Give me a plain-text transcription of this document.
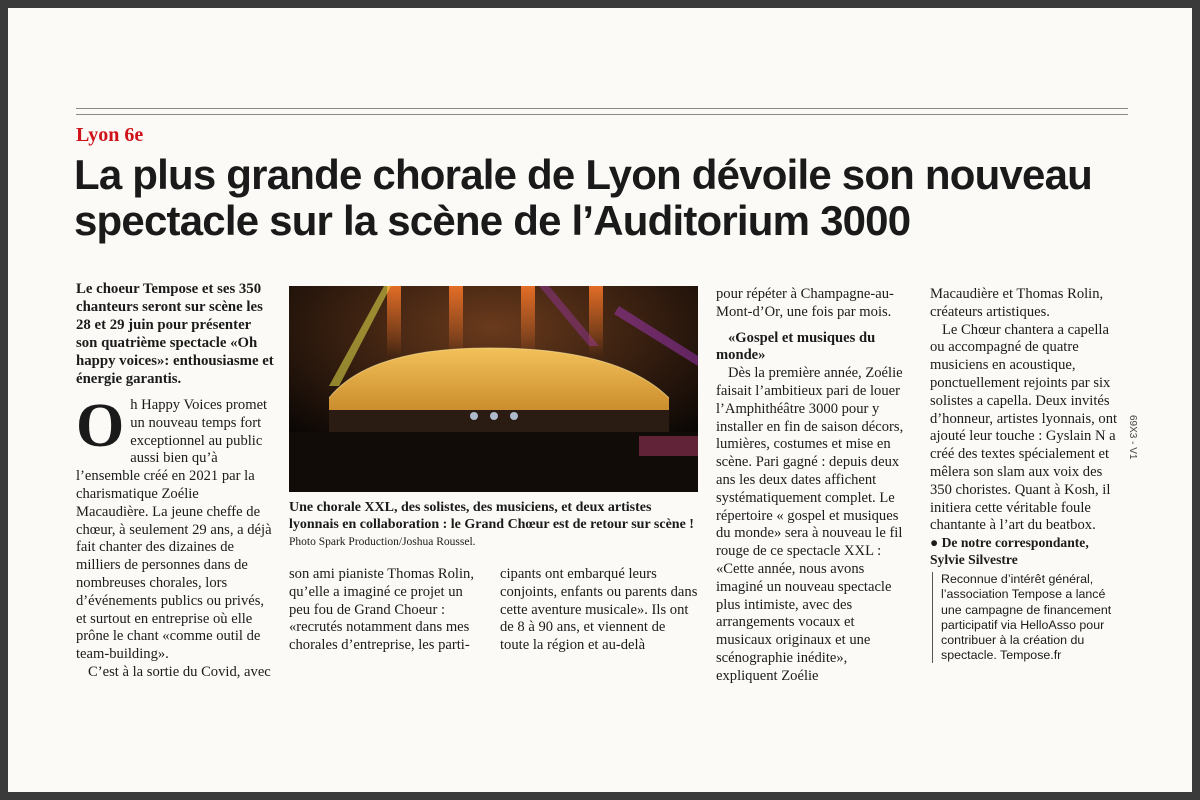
Lyon 6e
La plus grande chorale de Lyon dévoile son nouveau spectacle sur la scène de l’Auditorium 3000
Le choeur Tempose et ses 350 chanteurs seront sur scène les 28 et 29 juin pour présenter son quatrième spectacle «Oh happy voices»: enthousiasme et énergie garantis.

Oh Happy Voices promet un nouveau temps fort exceptionnel au public aussi bien qu’à l’ensemble créé en 2021 par la charismatique Zoélie Macaudière. La jeune cheffe de chœur, à seulement 29 ans, a déjà fait chanter des dizaines de milliers de personnes dans de nombreuses chorales, lors d’événements publics ou privés, et surtout en entreprise où elle prône le chant «comme outil de team-building».

C’est à la sortie du Covid, avec

Une chorale XXL, des solistes, des musiciens, et deux artistes lyonnais en collaboration : le Grand Chœur est de retour sur scène ! Photo Spark Production/Joshua Roussel.
son ami pianiste Thomas Rolin, qu’elle a imaginé ce projet un peu fou de Grand Choeur : «recrutés notamment dans mes chorales d’entreprise, les parti-
cipants ont embarqué leurs conjoints, enfants ou parents dans cette aventure musicale». Ils ont de 8 à 90 ans, et viennent de toute la région et au-delà

pour répéter à Champagne-au-Mont-d’Or, une fois par mois.

«Gospel et musiques du monde»

Dès la première année, Zoélie faisait l’ambitieux pari de louer l’Amphithéâtre 3000 pour y installer en fin de saison décors, lumières, costumes et mise en scène. Pari gagné : depuis deux ans les deux dates affichent systématiquement complet. Le répertoire « gospel et musiques du monde» sera à nouveau le fil rouge de ce spectacle XXL :

«Cette année, nous avons imaginé un nouveau spectacle plus intimiste, avec des arrangements vocaux et musicaux originaux et une scénographie inédite», expliquent Zoélie

Macaudière et Thomas Rolin, créateurs artistiques.

Le Chœur chantera a capella ou accompagné de quatre musiciens en acoustique, ponctuellement rejoints par six solistes a capella. Deux invités d’honneur, artistes lyonnais, ont ajouté leur touche : Gyslain N a créé des textes spécialement et mêlera son slam aux voix des 350 choristes. Quant à Kosh, il initiera cette véritable foule chantante à l’art du beatbox.

● De notre correspondante, Sylvie Silvestre

Reconnue d’intérêt général, l’association Tempose a lancé une campagne de financement participatif via HelloAsso pour contribuer à la création du spectacle. Tempose.fr
69X3 - V1
